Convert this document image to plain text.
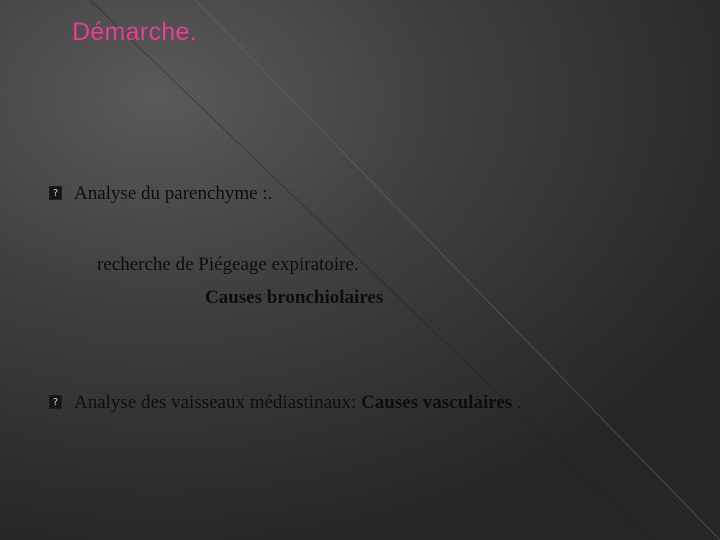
Démarche.
? Analyse du parenchyme :.

recherche de Piégeage expiratoire.

Causes bronchiolaires

? Analyse des vaisseaux médiastinaux: Causes vasculaires .
